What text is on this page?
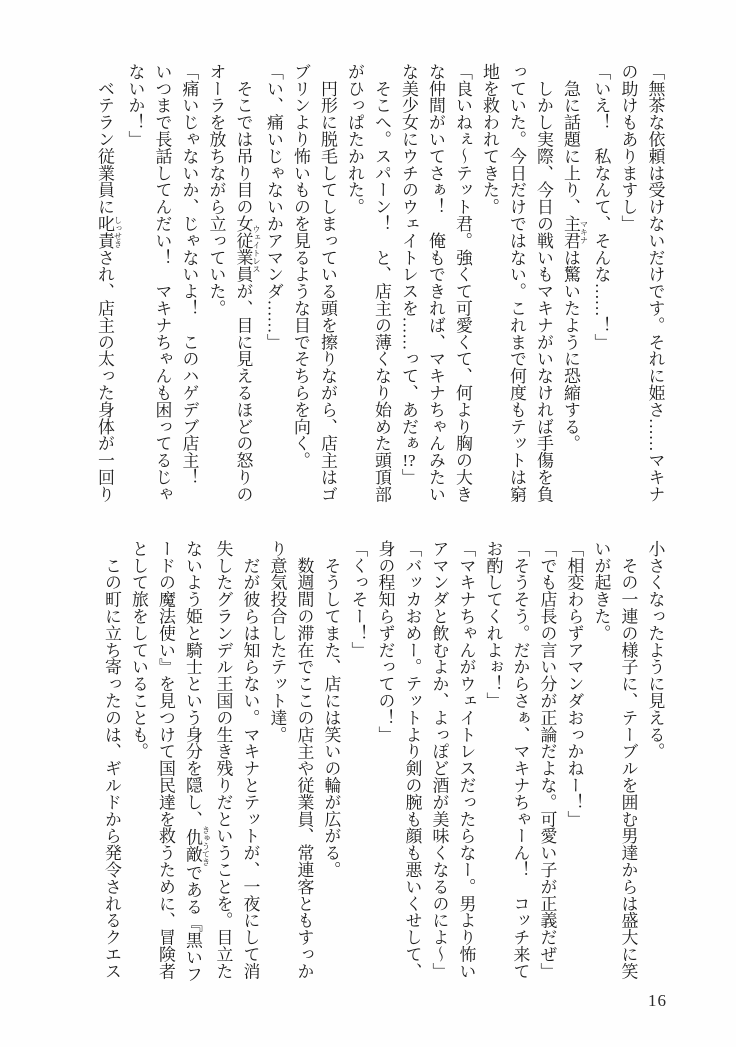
「無茶な依頼は受けないだけです。それに姫さ……マキナ
の助けもありますし」
「いえ！　私なんて、そんな……！」
　急に話題に上り、主君 マキナは驚いたように恐縮する。
　しかし実際、今日の戦いもマキナがいなければ手傷を負
っていた。今日だけではない。これまで何度もテットは窮
地を救われてきた。
「良いねぇ〜テット君。強くて可愛くて、何より胸の大き
な仲間がいてさぁ！　俺もできれば、マキナちゃんみたい
な美少女にウチのウェイトレスを……って、あだぁ!?」
　そこへ。スパーン！　と、店主の薄くなり始めた頭頂部
がひっぱたかれた。
　円形に脱毛してしまっている頭を擦りながら、店主はゴ
ブリンより怖いものを見るような目でそちらを向く。
「い、痛いじゃないかアマンダ……」
　そこでは吊り目の女従業員 ウェイトレスが、目に見えるほどの怒りの
オーラを放ちながら立っていた。
「痛いじゃないか、じゃないよ！　このハゲデブ店主！
いつまで長話してんだい！　マキナちゃんも困ってるじゃ
ないか！」
　ベテラン従業員に叱責 しっせきされ、店主の太った身体が一回り
小さくなったように見える。
　その一連の様子に、テーブルを囲む男達からは盛大に笑
いが起きた。
「相変わらずアマンダおっかねー！」
「でも店長の言い分が正論だよな。可愛い子が正義だぜ」
「そうそう。だからさぁ、マキナちゃーん！　コッチ来て
お酌してくれよぉ！」
「マキナちゃんがウェイトレスだったらなー。男より怖い
アマンダと飲むよか、よっぽど酒が美味くなるのによ〜」
「バッカおめー。テットより剣の腕も顔も悪いくせして、
身の程知らずだっての！」
「くっそー！」
　そうしてまた、店には笑いの輪が広がる。
　数週間の滞在でここの店主や従業員、常連客ともすっか
り意気投合したテット達。
　だが彼らは知らない。マキナとテットが、一夜にして消
失したグランデル王国の生き残りだということを。目立た
ないよう姫と騎士という身分を隠し、仇敵 きゅうてきである『黒いフ
ードの魔法使い』を見つけて国民達を救うために、冒険者
として旅をしていることも。
　この町に立ち寄ったのは、ギルドから発令されるクエス
16
